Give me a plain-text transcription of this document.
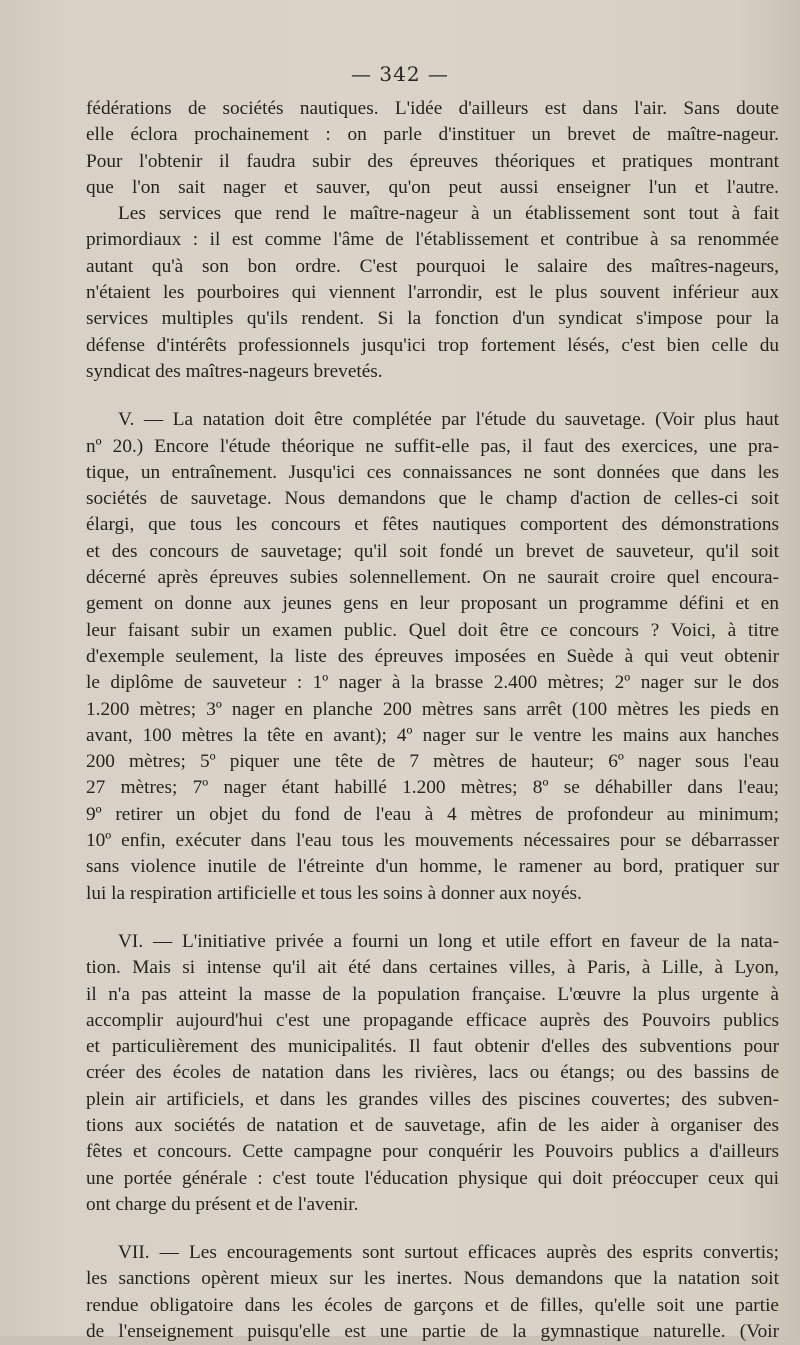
— 342 —
fédérations de sociétés nautiques. L'idée d'ailleurs est dans l'air. Sans doute
elle éclora prochainement : on parle d'instituer un brevet de maître-nageur.
Pour l'obtenir il faudra subir des épreuves théoriques et pratiques montrant
que l'on sait nager et sauver, qu'on peut aussi enseigner l'un et l'autre.
Les services que rend le maître-nageur à un établissement sont tout à fait
primordiaux : il est comme l'âme de l'établissement et contribue à sa renommée
autant qu'à son bon ordre. C'est pourquoi le salaire des maîtres-nageurs,
n'étaient les pourboires qui viennent l'arrondir, est le plus souvent inférieur aux
services multiples qu'ils rendent. Si la fonction d'un syndicat s'impose pour la
défense d'intérêts professionnels jusqu'ici trop fortement lésés, c'est bien celle du
syndicat des maîtres-nageurs brevetés.
V. — La natation doit être complétée par l'étude du sauvetage. (Voir plus haut
nº 20.) Encore l'étude théorique ne suffit-elle pas, il faut des exercices, une pra-
tique, un entraînement. Jusqu'ici ces connaissances ne sont données que dans les
sociétés de sauvetage. Nous demandons que le champ d'action de celles-ci soit
élargi, que tous les concours et fêtes nautiques comportent des démonstrations
et des concours de sauvetage; qu'il soit fondé un brevet de sauveteur, qu'il soit
décerné après épreuves subies solennellement. On ne saurait croire quel encoura-
gement on donne aux jeunes gens en leur proposant un programme défini et en
leur faisant subir un examen public. Quel doit être ce concours ? Voici, à titre
d'exemple seulement, la liste des épreuves imposées en Suède à qui veut obtenir
le diplôme de sauveteur : 1º nager à la brasse 2.400 mètres; 2º nager sur le dos
1.200 mètres; 3º nager en planche 200 mètres sans arrêt (100 mètres les pieds en
avant, 100 mètres la tête en avant); 4º nager sur le ventre les mains aux hanches
200 mètres; 5º piquer une tête de 7 mètres de hauteur; 6º nager sous l'eau
27 mètres; 7º nager étant habillé 1.200 mètres; 8º se déhabiller dans l'eau;
9º retirer un objet du fond de l'eau à 4 mètres de profondeur au minimum;
10º enfin, exécuter dans l'eau tous les mouvements nécessaires pour se débarrasser
sans violence inutile de l'étreinte d'un homme, le ramener au bord, pratiquer sur
lui la respiration artificielle et tous les soins à donner aux noyés.
VI. — L'initiative privée a fourni un long et utile effort en faveur de la nata-
tion. Mais si intense qu'il ait été dans certaines villes, à Paris, à Lille, à Lyon,
il n'a pas atteint la masse de la population française. L'œuvre la plus urgente à
accomplir aujourd'hui c'est une propagande efficace auprès des Pouvoirs publics
et particulièrement des municipalités. Il faut obtenir d'elles des subventions pour
créer des écoles de natation dans les rivières, lacs ou étangs; ou des bassins de
plein air artificiels, et dans les grandes villes des piscines couvertes; des subven-
tions aux sociétés de natation et de sauvetage, afin de les aider à organiser des
fêtes et concours. Cette campagne pour conquérir les Pouvoirs publics a d'ailleurs
une portée générale : c'est toute l'éducation physique qui doit préoccuper ceux qui
ont charge du présent et de l'avenir.
VII. — Les encouragements sont surtout efficaces auprès des esprits convertis;
les sanctions opèrent mieux sur les inertes. Nous demandons que la natation soit
rendue obligatoire dans les écoles de garçons et de filles, qu'elle soit une partie
de l'enseignement puisqu'elle est une partie de la gymnastique naturelle. (Voir
